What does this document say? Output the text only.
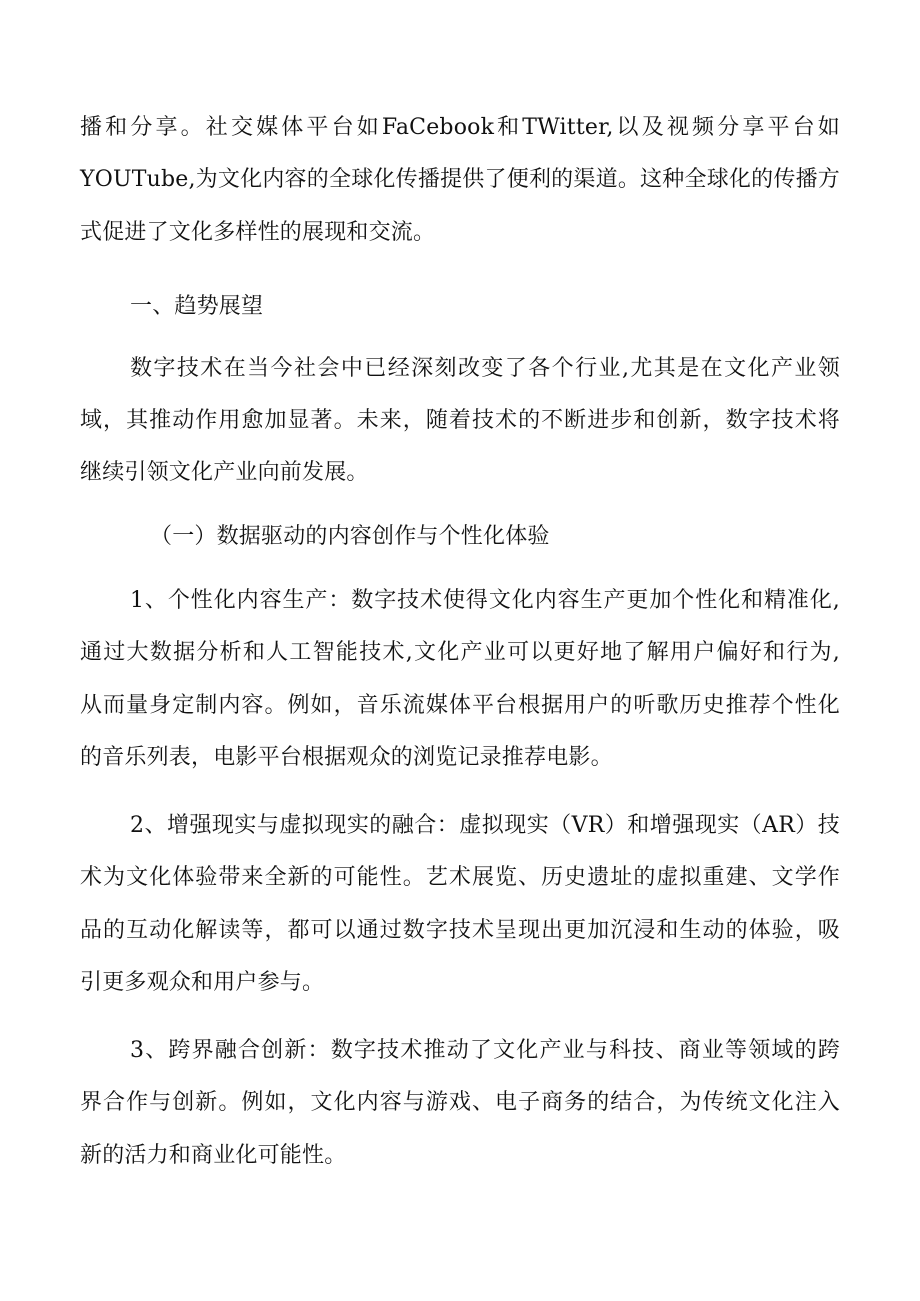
播和分享。社交媒体平台如FaCebook和TWitter,以及视频分享平台如
YOUTube,为文化内容的全球化传播提供了便利的渠道。这种全球化的传播方
式促进了文化多样性的展现和交流。
一、趋势展望
数字技术在当今社会中已经深刻改变了各个行业,尤其是在文化产业领
域，其推动作用愈加显著。未来，随着技术的不断进步和创新，数字技术将
继续引领文化产业向前发展。
（一）数据驱动的内容创作与个性化体验
1、个性化内容生产：数字技术使得文化内容生产更加个性化和精准化,
通过大数据分析和人工智能技术,文化产业可以更好地了解用户偏好和行为,
从而量身定制内容。例如，音乐流媒体平台根据用户的听歌历史推荐个性化
的音乐列表，电影平台根据观众的浏览记录推荐电影。
2、增强现实与虚拟现实的融合：虚拟现实（VR）和增强现实（AR）技
术为文化体验带来全新的可能性。艺术展览、历史遗址的虚拟重建、文学作
品的互动化解读等，都可以通过数字技术呈现出更加沉浸和生动的体验，吸
引更多观众和用户参与。
3、跨界融合创新：数字技术推动了文化产业与科技、商业等领域的跨
界合作与创新。例如，文化内容与游戏、电子商务的结合，为传统文化注入
新的活力和商业化可能性。
